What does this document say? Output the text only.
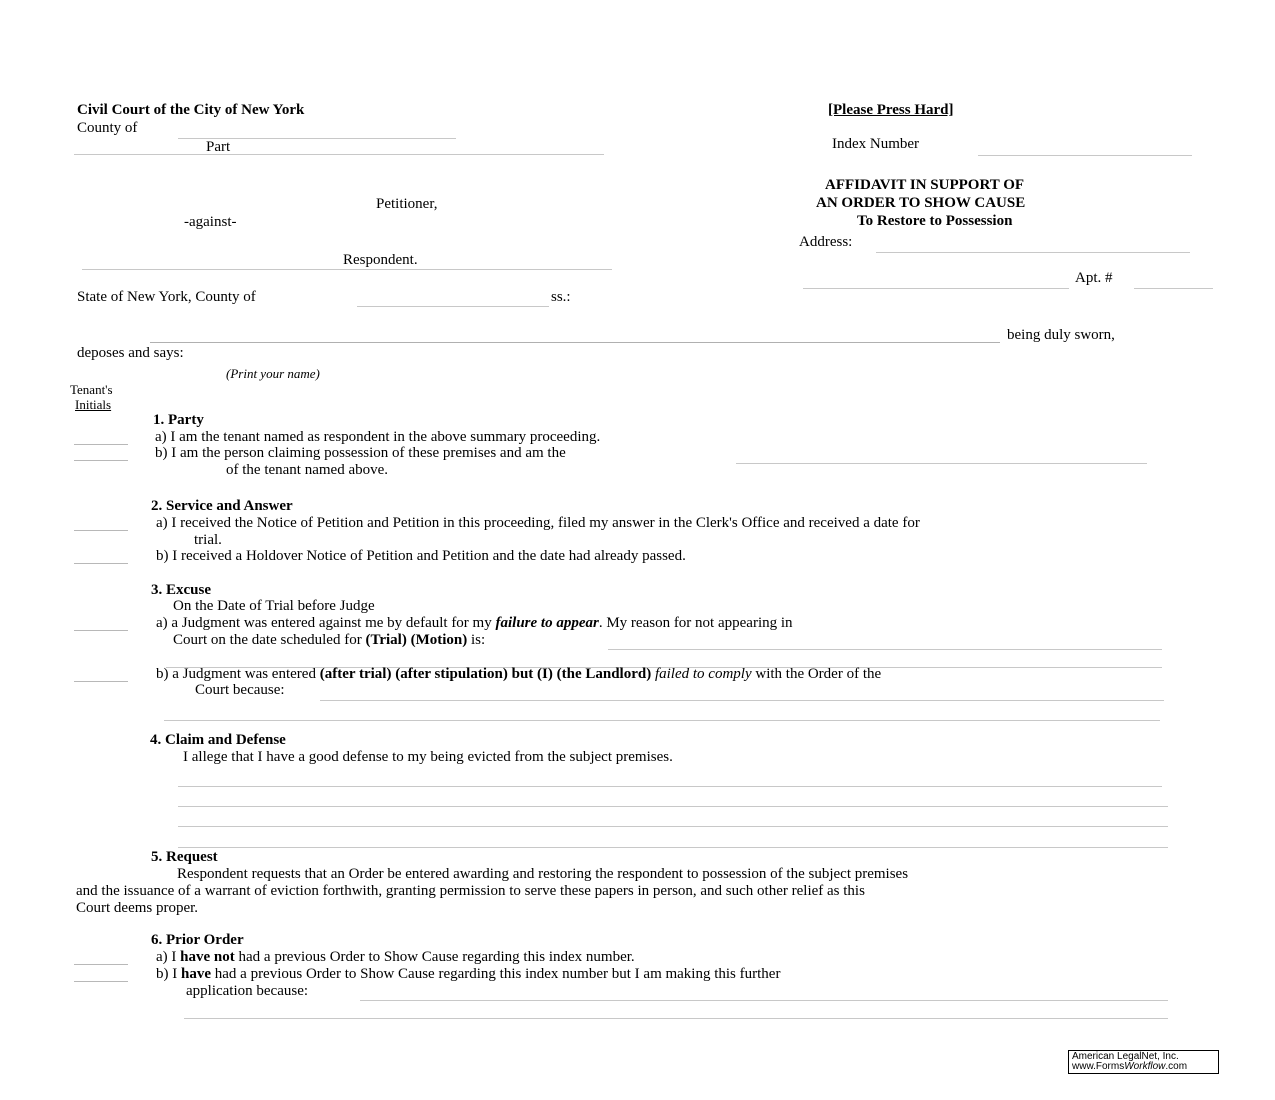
Civil Court of the City of New York
County of
Part
[Please Press Hard]
Index Number
Petitioner,
-against-
Respondent.
AFFIDAVIT IN SUPPORT OF
AN ORDER TO SHOW CAUSE
To Restore to Possession
Address:
Apt. #
State of New York, County of	ss.:
being duly sworn,
deposes and says:
(Print your name)
Tenant's
Initials
1. Party
a) I am the tenant named as respondent in the above summary proceeding.
b) I am the person claiming possession of these premises and am the
of the tenant named above.
2. Service and Answer
a) I received the Notice of Petition and Petition in this proceeding, filed my answer in the Clerk's Office and received a date for
trial.
b) I received a Holdover Notice of Petition and Petition and the date had already passed.
3. Excuse
On the Date of Trial before Judge
a) a Judgment was entered against me by default for my failure to appear. My reason for not appearing in
Court on the date scheduled for (Trial) (Motion) is:
b) a Judgment was entered (after trial) (after stipulation) but (I) (the Landlord) failed to comply with the Order of the
Court because:
4. Claim and Defense
I allege that I have a good defense to my being evicted from the subject premises.
5. Request
Respondent requests that an Order be entered awarding and restoring the respondent to possession of the subject premises
and the issuance of a warrant of eviction forthwith, granting permission to serve these papers in person, and such other relief as this
Court deems proper.
6. Prior Order
a) I have not had a previous Order to Show Cause regarding this index number.
b) I have had a previous Order to Show Cause regarding this index number but I am making this further
application because:
American LegalNet, Inc.
www.FormsWorkflow.com
